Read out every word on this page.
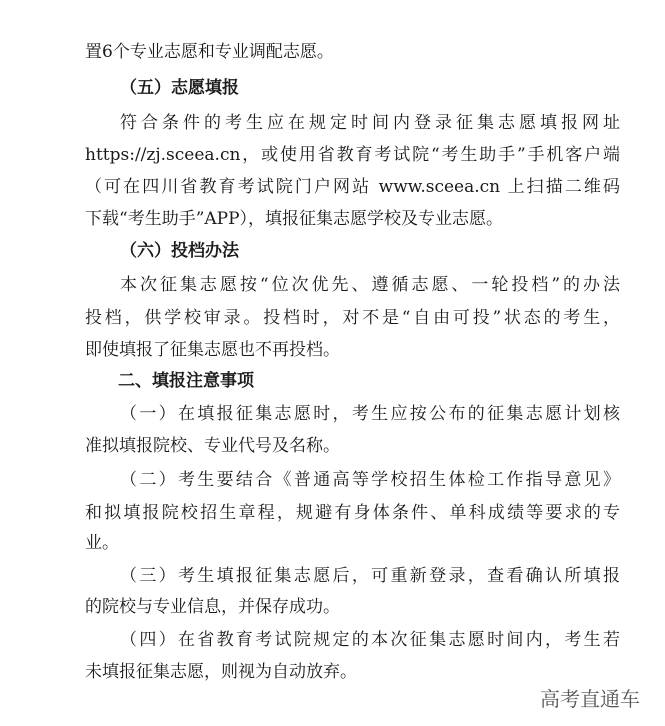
置6个专业志愿和专业调配志愿。
（五）志愿填报
符合条件的考生应在规定时间内登录征集志愿填报网址
https://zj.sceea.cn，或使用省教育考试院“考生助手”手机客户端
（可在四川省教育考试院门户网站 www.sceea.cn 上扫描二维码
下载“考生助手”APP），填报征集志愿学校及专业志愿。
（六）投档办法
本次征集志愿按“位次优先、遵循志愿、一轮投档”的办法
投档，供学校审录。投档时，对不是“自由可投”状态的考生，
即使填报了征集志愿也不再投档。
二、填报注意事项
（一）在填报征集志愿时，考生应按公布的征集志愿计划核
准拟填报院校、专业代号及名称。
（二）考生要结合《普通高等学校招生体检工作指导意见》
和拟填报院校招生章程，规避有身体条件、单科成绩等要求的专
业。
（三）考生填报征集志愿后，可重新登录，查看确认所填报
的院校与专业信息，并保存成功。
（四）在省教育考试院规定的本次征集志愿时间内，考生若
未填报征集志愿，则视为自动放弃。
高考直通车
